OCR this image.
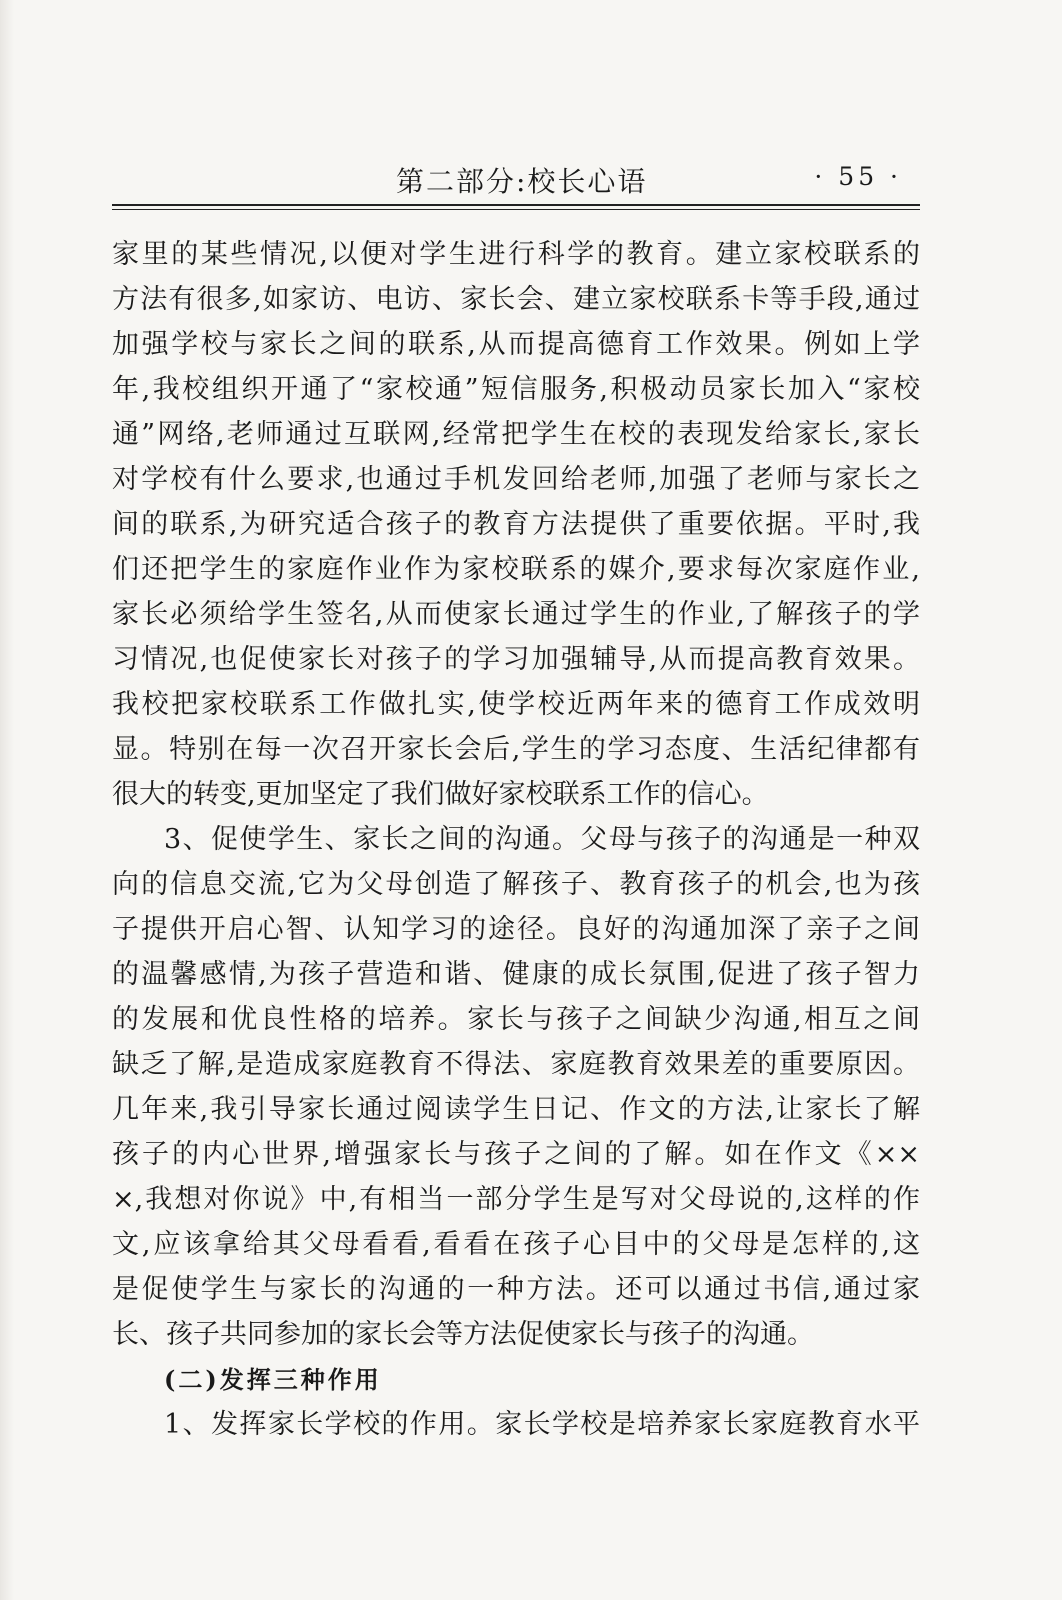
第二部分:校长心语	· 55 ·
家里的某些情况,以便对学生进行科学的教育。建立家校联系的
方法有很多,如家访、电访、家长会、建立家校联系卡等手段,通过
加强学校与家长之间的联系,从而提高德育工作效果。例如上学
年,我校组织开通了“家校通”短信服务,积极动员家长加入“家校
通”网络,老师通过互联网,经常把学生在校的表现发给家长,家长
对学校有什么要求,也通过手机发回给老师,加强了老师与家长之
间的联系,为研究适合孩子的教育方法提供了重要依据。平时,我
们还把学生的家庭作业作为家校联系的媒介,要求每次家庭作业,
家长必须给学生签名,从而使家长通过学生的作业,了解孩子的学
习情况,也促使家长对孩子的学习加强辅导,从而提高教育效果。
我校把家校联系工作做扎实,使学校近两年来的德育工作成效明
显。特别在每一次召开家长会后,学生的学习态度、生活纪律都有
很大的转变,更加坚定了我们做好家校联系工作的信心。
3、促使学生、家长之间的沟通。父母与孩子的沟通是一种双
向的信息交流,它为父母创造了解孩子、教育孩子的机会,也为孩
子提供开启心智、认知学习的途径。良好的沟通加深了亲子之间
的温馨感情,为孩子营造和谐、健康的成长氛围,促进了孩子智力
的发展和优良性格的培养。家长与孩子之间缺少沟通,相互之间
缺乏了解,是造成家庭教育不得法、家庭教育效果差的重要原因。
几年来,我引导家长通过阅读学生日记、作文的方法,让家长了解
孩子的内心世界,增强家长与孩子之间的了解。如在作文《××
×,我想对你说》中,有相当一部分学生是写对父母说的,这样的作
文,应该拿给其父母看看,看看在孩子心目中的父母是怎样的,这
是促使学生与家长的沟通的一种方法。还可以通过书信,通过家
长、孩子共同参加的家长会等方法促使家长与孩子的沟通。
(二)发挥三种作用
1、发挥家长学校的作用。家长学校是培养家长家庭教育水平
